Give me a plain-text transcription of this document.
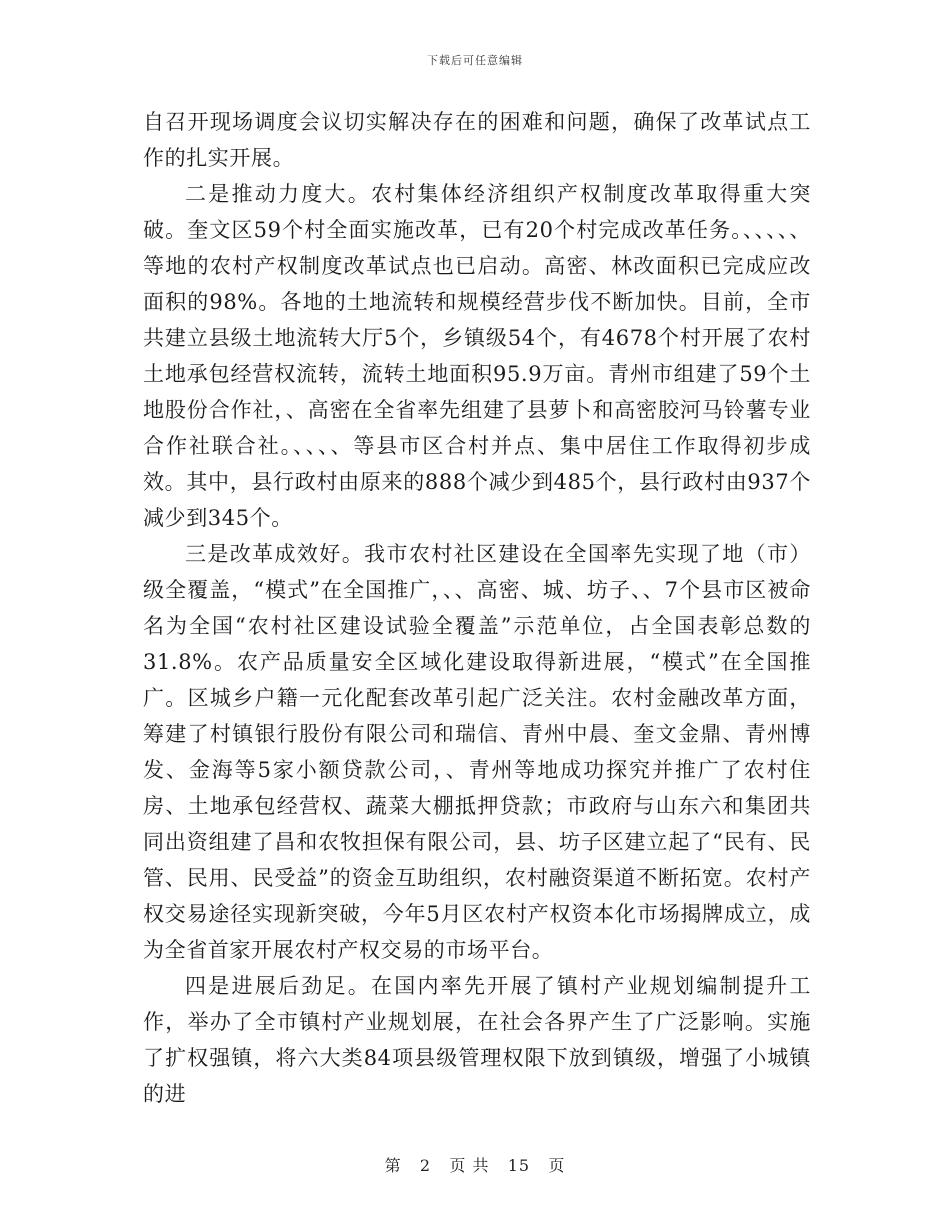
下载后可任意编辑

自召开现场调度会议切实解决存在的困难和问题，确保了改革试点工作的扎实开展。

二是推动力度大。农村集体经济组织产权制度改革取得重大突破。奎文区59个村全面实施改革，已有20个村完成改革任务。、、、、、等地的农村产权制度改革试点也已启动。高密、林改面积已完成应改面积的98%。各地的土地流转和规模经营步伐不断加快。目前，全市共建立县级土地流转大厅5个，乡镇级54个，有4678个村开展了农村土地承包经营权流转，流转土地面积95.9万亩。青州市组建了59个土地股份合作社，、高密在全省率先组建了县萝卜和高密胶河马铃薯专业合作社联合社。、、、、等县市区合村并点、集中居住工作取得初步成效。其中，县行政村由原来的888个减少到485个，县行政村由937个减少到345个。

三是改革成效好。我市农村社区建设在全国率先实现了地（市）级全覆盖，“模式”在全国推广，、、高密、城、坊子、、7个县市区被命名为全国“农村社区建设试验全覆盖”示范单位，占全国表彰总数的31.8%。农产品质量安全区域化建设取得新进展，“模式”在全国推广。区城乡户籍一元化配套改革引起广泛关注。农村金融改革方面，筹建了村镇银行股份有限公司和瑞信、青州中晨、奎文金鼎、青州博发、金海等5家小额贷款公司，、青州等地成功探究并推广了农村住房、土地承包经营权、蔬菜大棚抵押贷款；市政府与山东六和集团共同出资组建了昌和农牧担保有限公司，县、坊子区建立起了“民有、民管、民用、民受益”的资金互助组织，农村融资渠道不断拓宽。农村产权交易途径实现新突破，今年5月区农村产权资本化市场揭牌成立，成为全省首家开展农村产权交易的市场平台。

四是进展后劲足。在国内率先开展了镇村产业规划编制提升工作，举办了全市镇村产业规划展，在社会各界产生了广泛影响。实施了扩权强镇，将六大类84项县级管理权限下放到镇级，增强了小城镇的进

第 2 页 共 15 页
